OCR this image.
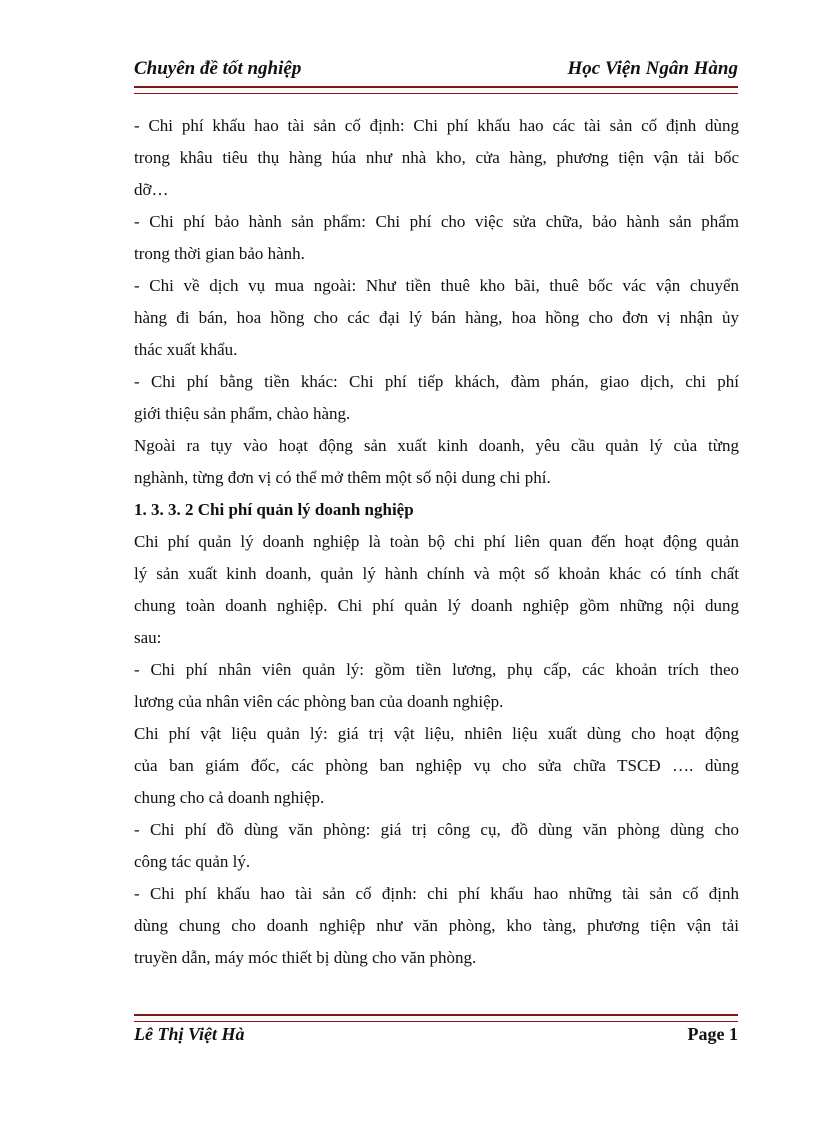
Chuyên đề tốt nghiệp	Học Viện Ngân Hàng
- Chi phí khấu hao tài sản cố định: Chi phí khấu hao các tài sản cố định dùng
trong khâu tiêu thụ hàng húa như nhà kho, cửa hàng, phương tiện vận tải bốc
dỡ…
- Chi phí bảo hành sản phẩm: Chi phí cho việc sửa chữa, bảo hành sản phẩm
trong thời gian bảo hành.
- Chi về dịch vụ mua ngoài: Như tiền thuê kho bãi, thuê bốc vác vận chuyển
hàng đi bán, hoa hồng cho các đại lý bán hàng, hoa hồng cho đơn vị nhận ủy
thác xuất khẩu.
- Chi phí bằng tiền khác: Chi phí tiếp khách, đàm phán, giao dịch, chi phí
giới thiệu sản phẩm, chào hàng.
Ngoài ra tụy vào hoạt động sản xuất kinh doanh, yêu cầu quản lý của từng
nghành, từng đơn vị có thể mở thêm một số nội dung chi phí.
1. 3. 3. 2 Chi phí quản lý doanh nghiệp
Chi phí quản lý doanh nghiệp là toàn bộ chi phí liên quan đến hoạt động quản
lý sản xuất kinh doanh, quản lý hành chính và một số khoản khác có tính chất
chung toàn doanh nghiệp. Chi phí quản lý doanh nghiệp gồm những nội dung
sau:
- Chi phí nhân viên quản lý: gồm tiền lương, phụ cấp, các khoản trích theo
lương của nhân viên các phòng ban của doanh nghiệp.
Chi phí vật liệu quản lý: giá trị vật liệu, nhiên liệu xuất dùng cho hoạt động
của ban giám đốc, các phòng ban nghiệp vụ cho sửa chữa TSCĐ …. dùng
chung cho cả doanh nghiệp.
- Chi phí đồ dùng văn phòng: giá trị công cụ, đồ dùng văn phòng dùng cho
công tác quản lý.
- Chi phí khấu hao tài sản cố định: chi phí khấu hao những tài sản cố định
dùng chung cho doanh nghiệp như văn phòng, kho tàng, phương tiện vận tải
truyền dẫn, máy móc thiết bị dùng cho văn phòng.
Lê Thị Việt Hà	Page 1
